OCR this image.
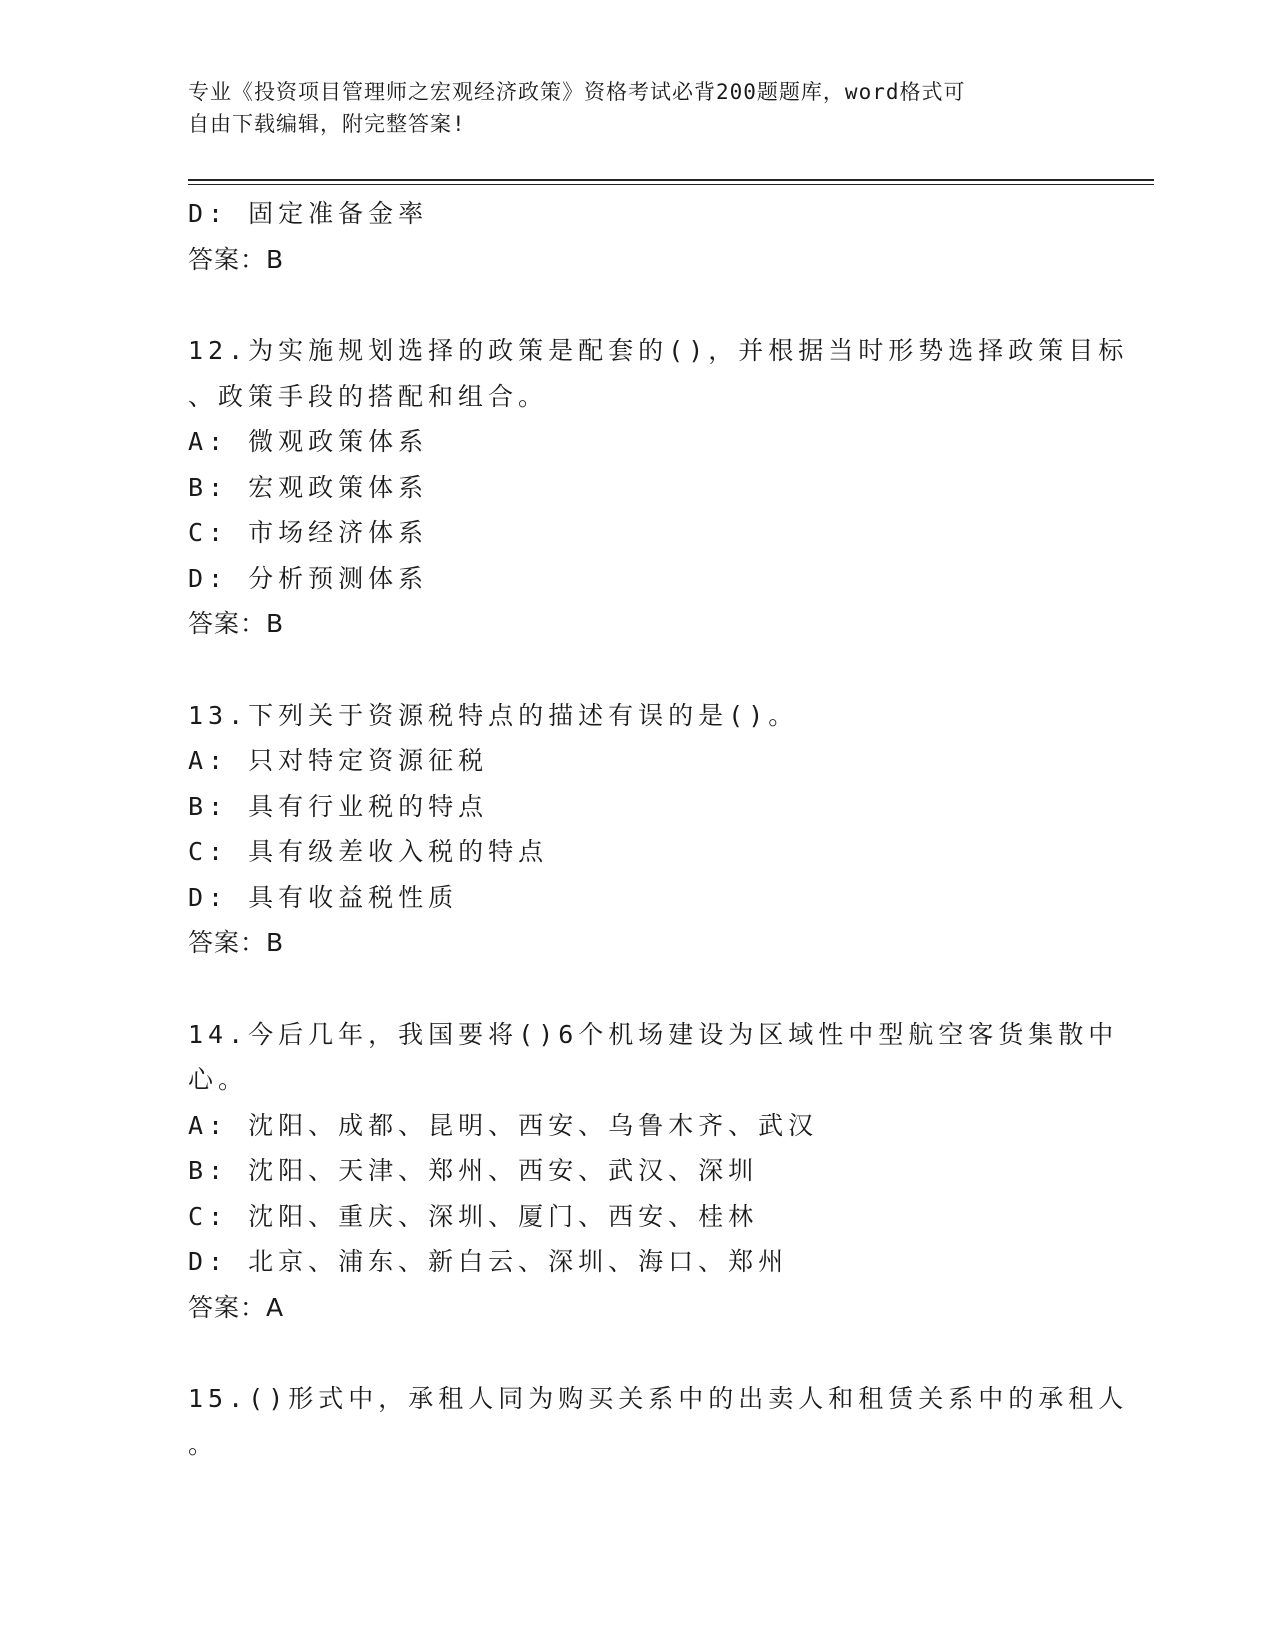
专业《投资项目管理师之宏观经济政策》资格考试必背200题题库，word格式可
自由下载编辑，附完整答案!
D: 固定准备金率
答案：B
12.为实施规划选择的政策是配套的()，并根据当时形势选择政策目标
、政策手段的搭配和组合。
A: 微观政策体系
B: 宏观政策体系
C: 市场经济体系
D: 分析预测体系
答案：B
13.下列关于资源税特点的描述有误的是()。
A: 只对特定资源征税
B: 具有行业税的特点
C: 具有级差收入税的特点
D: 具有收益税性质
答案：B
14.今后几年，我国要将()6个机场建设为区域性中型航空客货集散中
心。
A: 沈阳、成都、昆明、西安、乌鲁木齐、武汉
B: 沈阳、天津、郑州、西安、武汉、深圳
C: 沈阳、重庆、深圳、厦门、西安、桂林
D: 北京、浦东、新白云、深圳、海口、郑州
答案：A
15.()形式中，承租人同为购买关系中的出卖人和租赁关系中的承租人
。
